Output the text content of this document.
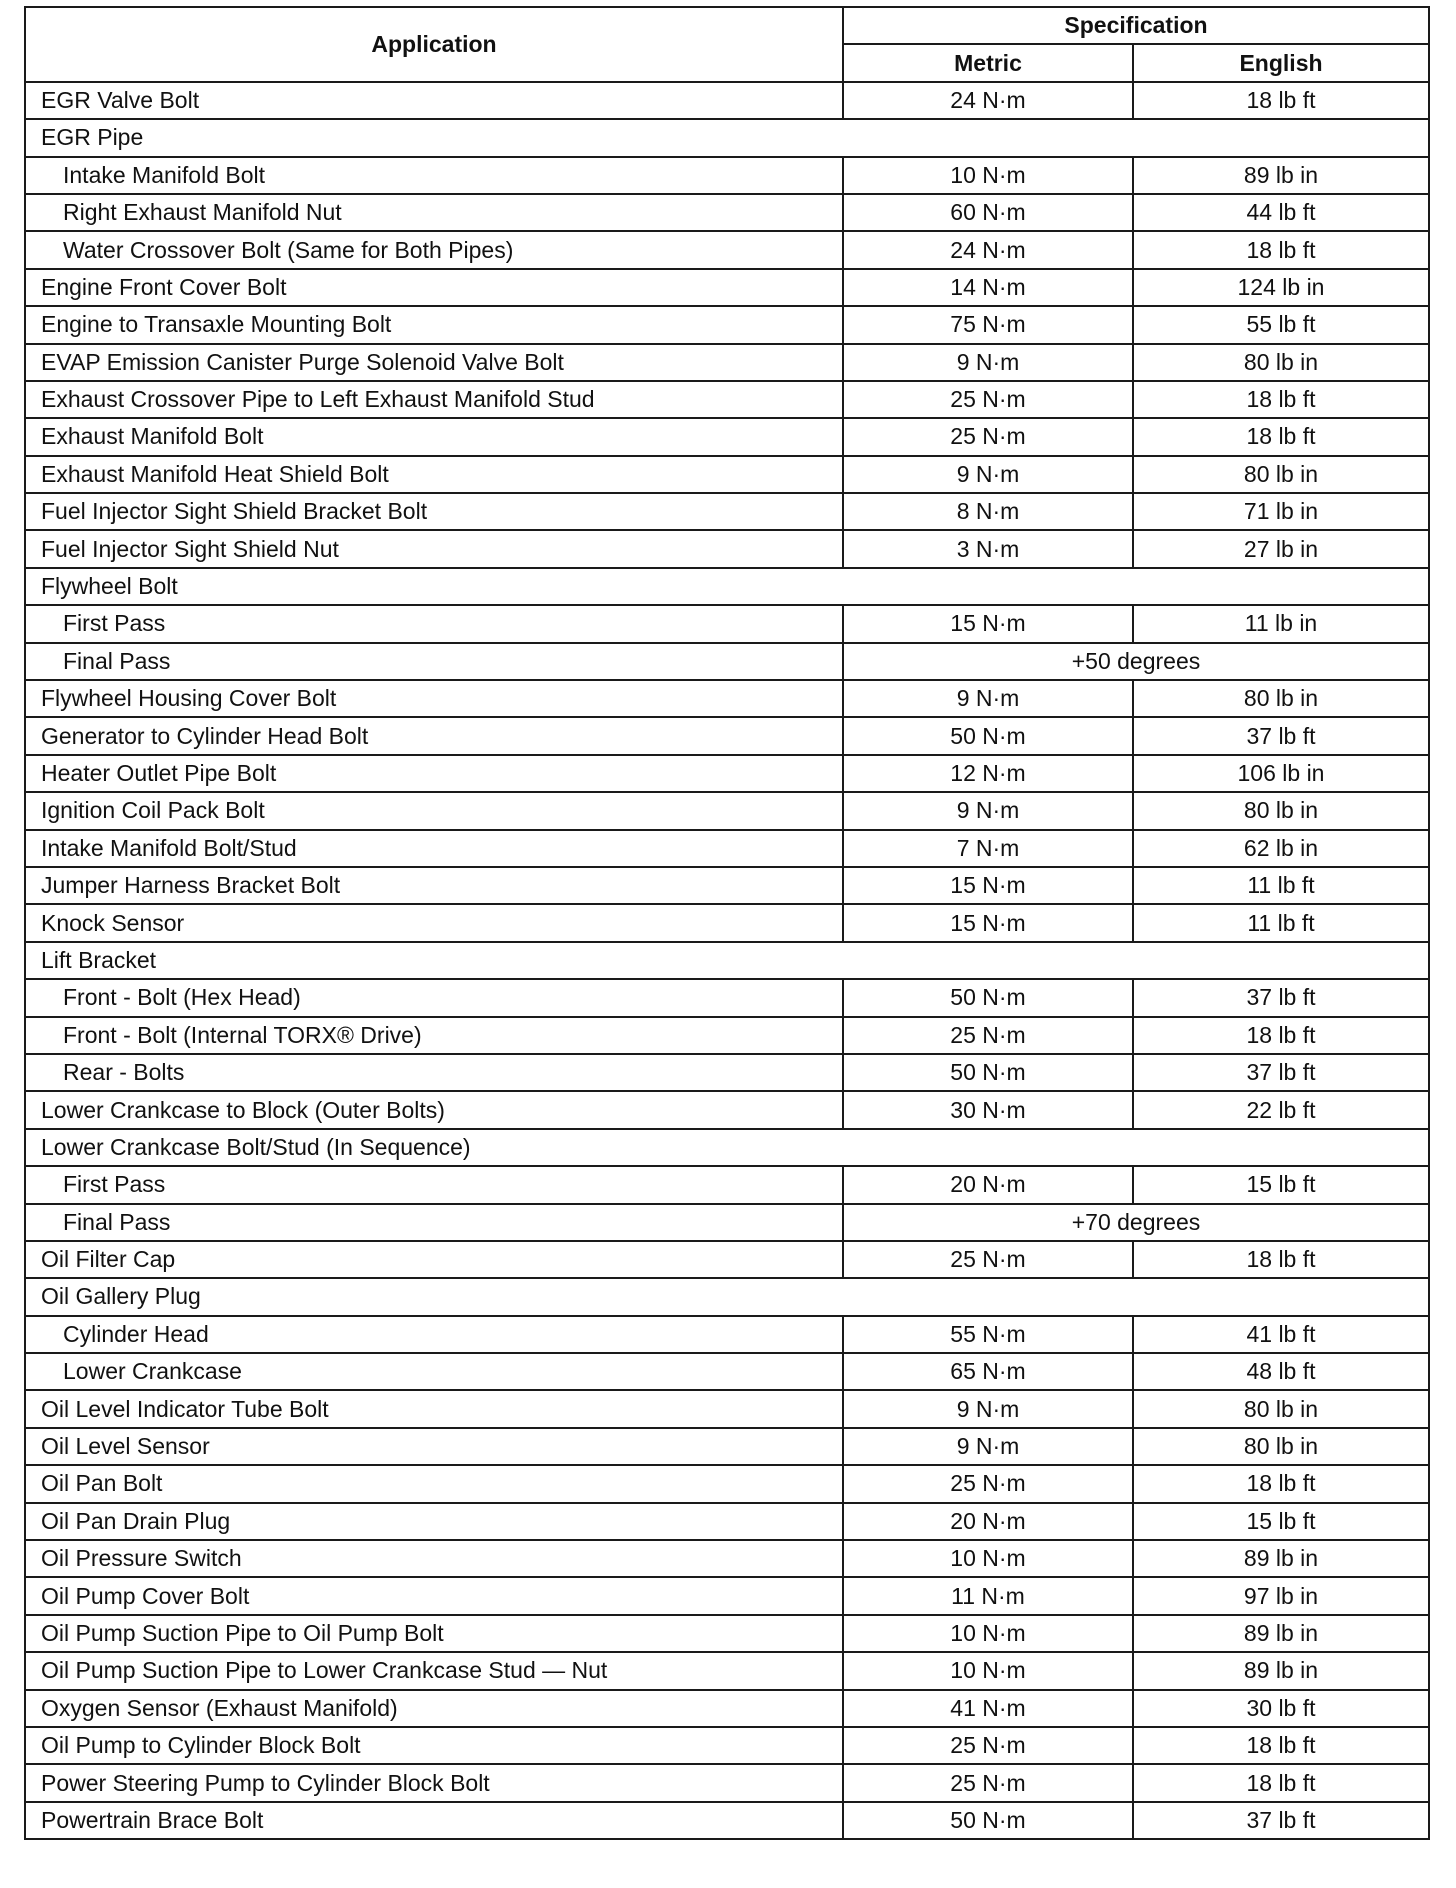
Application	Specification	
	Metric	English
EGR Valve Bolt	24 N·m	18 lb ft
EGR Pipe		
Intake Manifold Bolt	10 N·m	89 lb in
Right Exhaust Manifold Nut	60 N·m	44 lb ft
Water Crossover Bolt (Same for Both Pipes)	24 N·m	18 lb ft
Engine Front Cover Bolt	14 N·m	124 lb in
Engine to Transaxle Mounting Bolt	75 N·m	55 lb ft
EVAP Emission Canister Purge Solenoid Valve Bolt	9 N·m	80 lb in
Exhaust Crossover Pipe to Left Exhaust Manifold Stud	25 N·m	18 lb ft
Exhaust Manifold Bolt	25 N·m	18 lb ft
Exhaust Manifold Heat Shield Bolt	9 N·m	80 lb in
Fuel Injector Sight Shield Bracket Bolt	8 N·m	71 lb in
Fuel Injector Sight Shield Nut	3 N·m	27 lb in
Flywheel Bolt		
First Pass	15 N·m	11 lb in
Final Pass	+50 degrees	
Flywheel Housing Cover Bolt	9 N·m	80 lb in
Generator to Cylinder Head Bolt	50 N·m	37 lb ft
Heater Outlet Pipe Bolt	12 N·m	106 lb in
Ignition Coil Pack Bolt	9 N·m	80 lb in
Intake Manifold Bolt/Stud	7 N·m	62 lb in
Jumper Harness Bracket Bolt	15 N·m	11 lb ft
Knock Sensor	15 N·m	11 lb ft
Lift Bracket		
Front - Bolt (Hex Head)	50 N·m	37 lb ft
Front - Bolt (Internal TORX® Drive)	25 N·m	18 lb ft
Rear - Bolts	50 N·m	37 lb ft
Lower Crankcase to Block (Outer Bolts)	30 N·m	22 lb ft
Lower Crankcase Bolt/Stud (In Sequence)		
First Pass	20 N·m	15 lb ft
Final Pass	+70 degrees	
Oil Filter Cap	25 N·m	18 lb ft
Oil Gallery Plug		
Cylinder Head	55 N·m	41 lb ft
Lower Crankcase	65 N·m	48 lb ft
Oil Level Indicator Tube Bolt	9 N·m	80 lb in
Oil Level Sensor	9 N·m	80 lb in
Oil Pan Bolt	25 N·m	18 lb ft
Oil Pan Drain Plug	20 N·m	15 lb ft
Oil Pressure Switch	10 N·m	89 lb in
Oil Pump Cover Bolt	11 N·m	97 lb in
Oil Pump Suction Pipe to Oil Pump Bolt	10 N·m	89 lb in
Oil Pump Suction Pipe to Lower Crankcase Stud — Nut	10 N·m	89 lb in
Oxygen Sensor (Exhaust Manifold)	41 N·m	30 lb ft
Oil Pump to Cylinder Block Bolt	25 N·m	18 lb ft
Power Steering Pump to Cylinder Block Bolt	25 N·m	18 lb ft
Powertrain Brace Bolt	50 N·m	37 lb ft
